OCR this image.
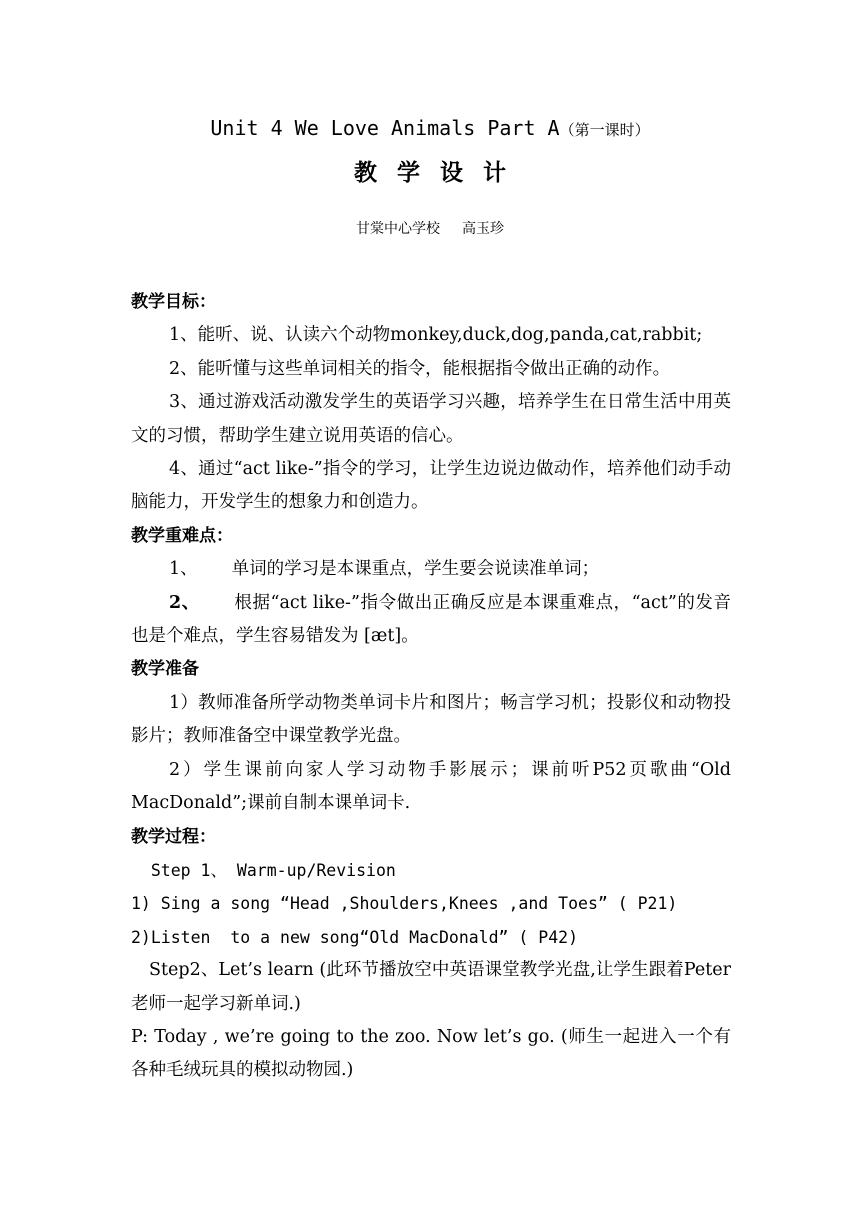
Unit 4 We Love Animals Part A（第一课时）
教学设计
甘棠中心学校 高玉珍

教学目标：

1、能听、说、认读六个动物monkey,duck,dog,panda,cat,rabbit;

2、能听懂与这些单词相关的指令，能根据指令做出正确的动作。

3、通过游戏活动激发学生的英语学习兴趣，培养学生在日常生活中用英文的习惯，帮助学生建立说用英语的信心。

4、通过“act like-”指令的学习，让学生边说边做动作，培养他们动手动脑能力，开发学生的想象力和创造力。

教学重难点：

1、 单词的学习是本课重点，学生要会说读准单词；

2、 根据“act like-”指令做出正确反应是本课重难点，“act”的发音也是个难点，学生容易错发为 [æt]。

教学准备

1）教师准备所学动物类单词卡片和图片；畅言学习机；投影仪和动物投影片；教师准备空中课堂教学光盘。

2）学生课前向家人学习动物手影展示；课前听P52页歌曲“Old MacDonald”;课前自制本课单词卡.

教学过程：

Step 1、 Warm-up/Revision

1) Sing a song “Head ,Shoulders,Knees ,and Toes” ( P21)

2)Listen  to a new song“Old MacDonald” ( P42)

Step2、Let’s learn (此环节播放空中英语课堂教学光盘,让学生跟着Peter老师一起学习新单词.)

P: Today , we’re going to the zoo. Now let’s go. (师生一起进入一个有各种毛绒玩具的模拟动物园.)
